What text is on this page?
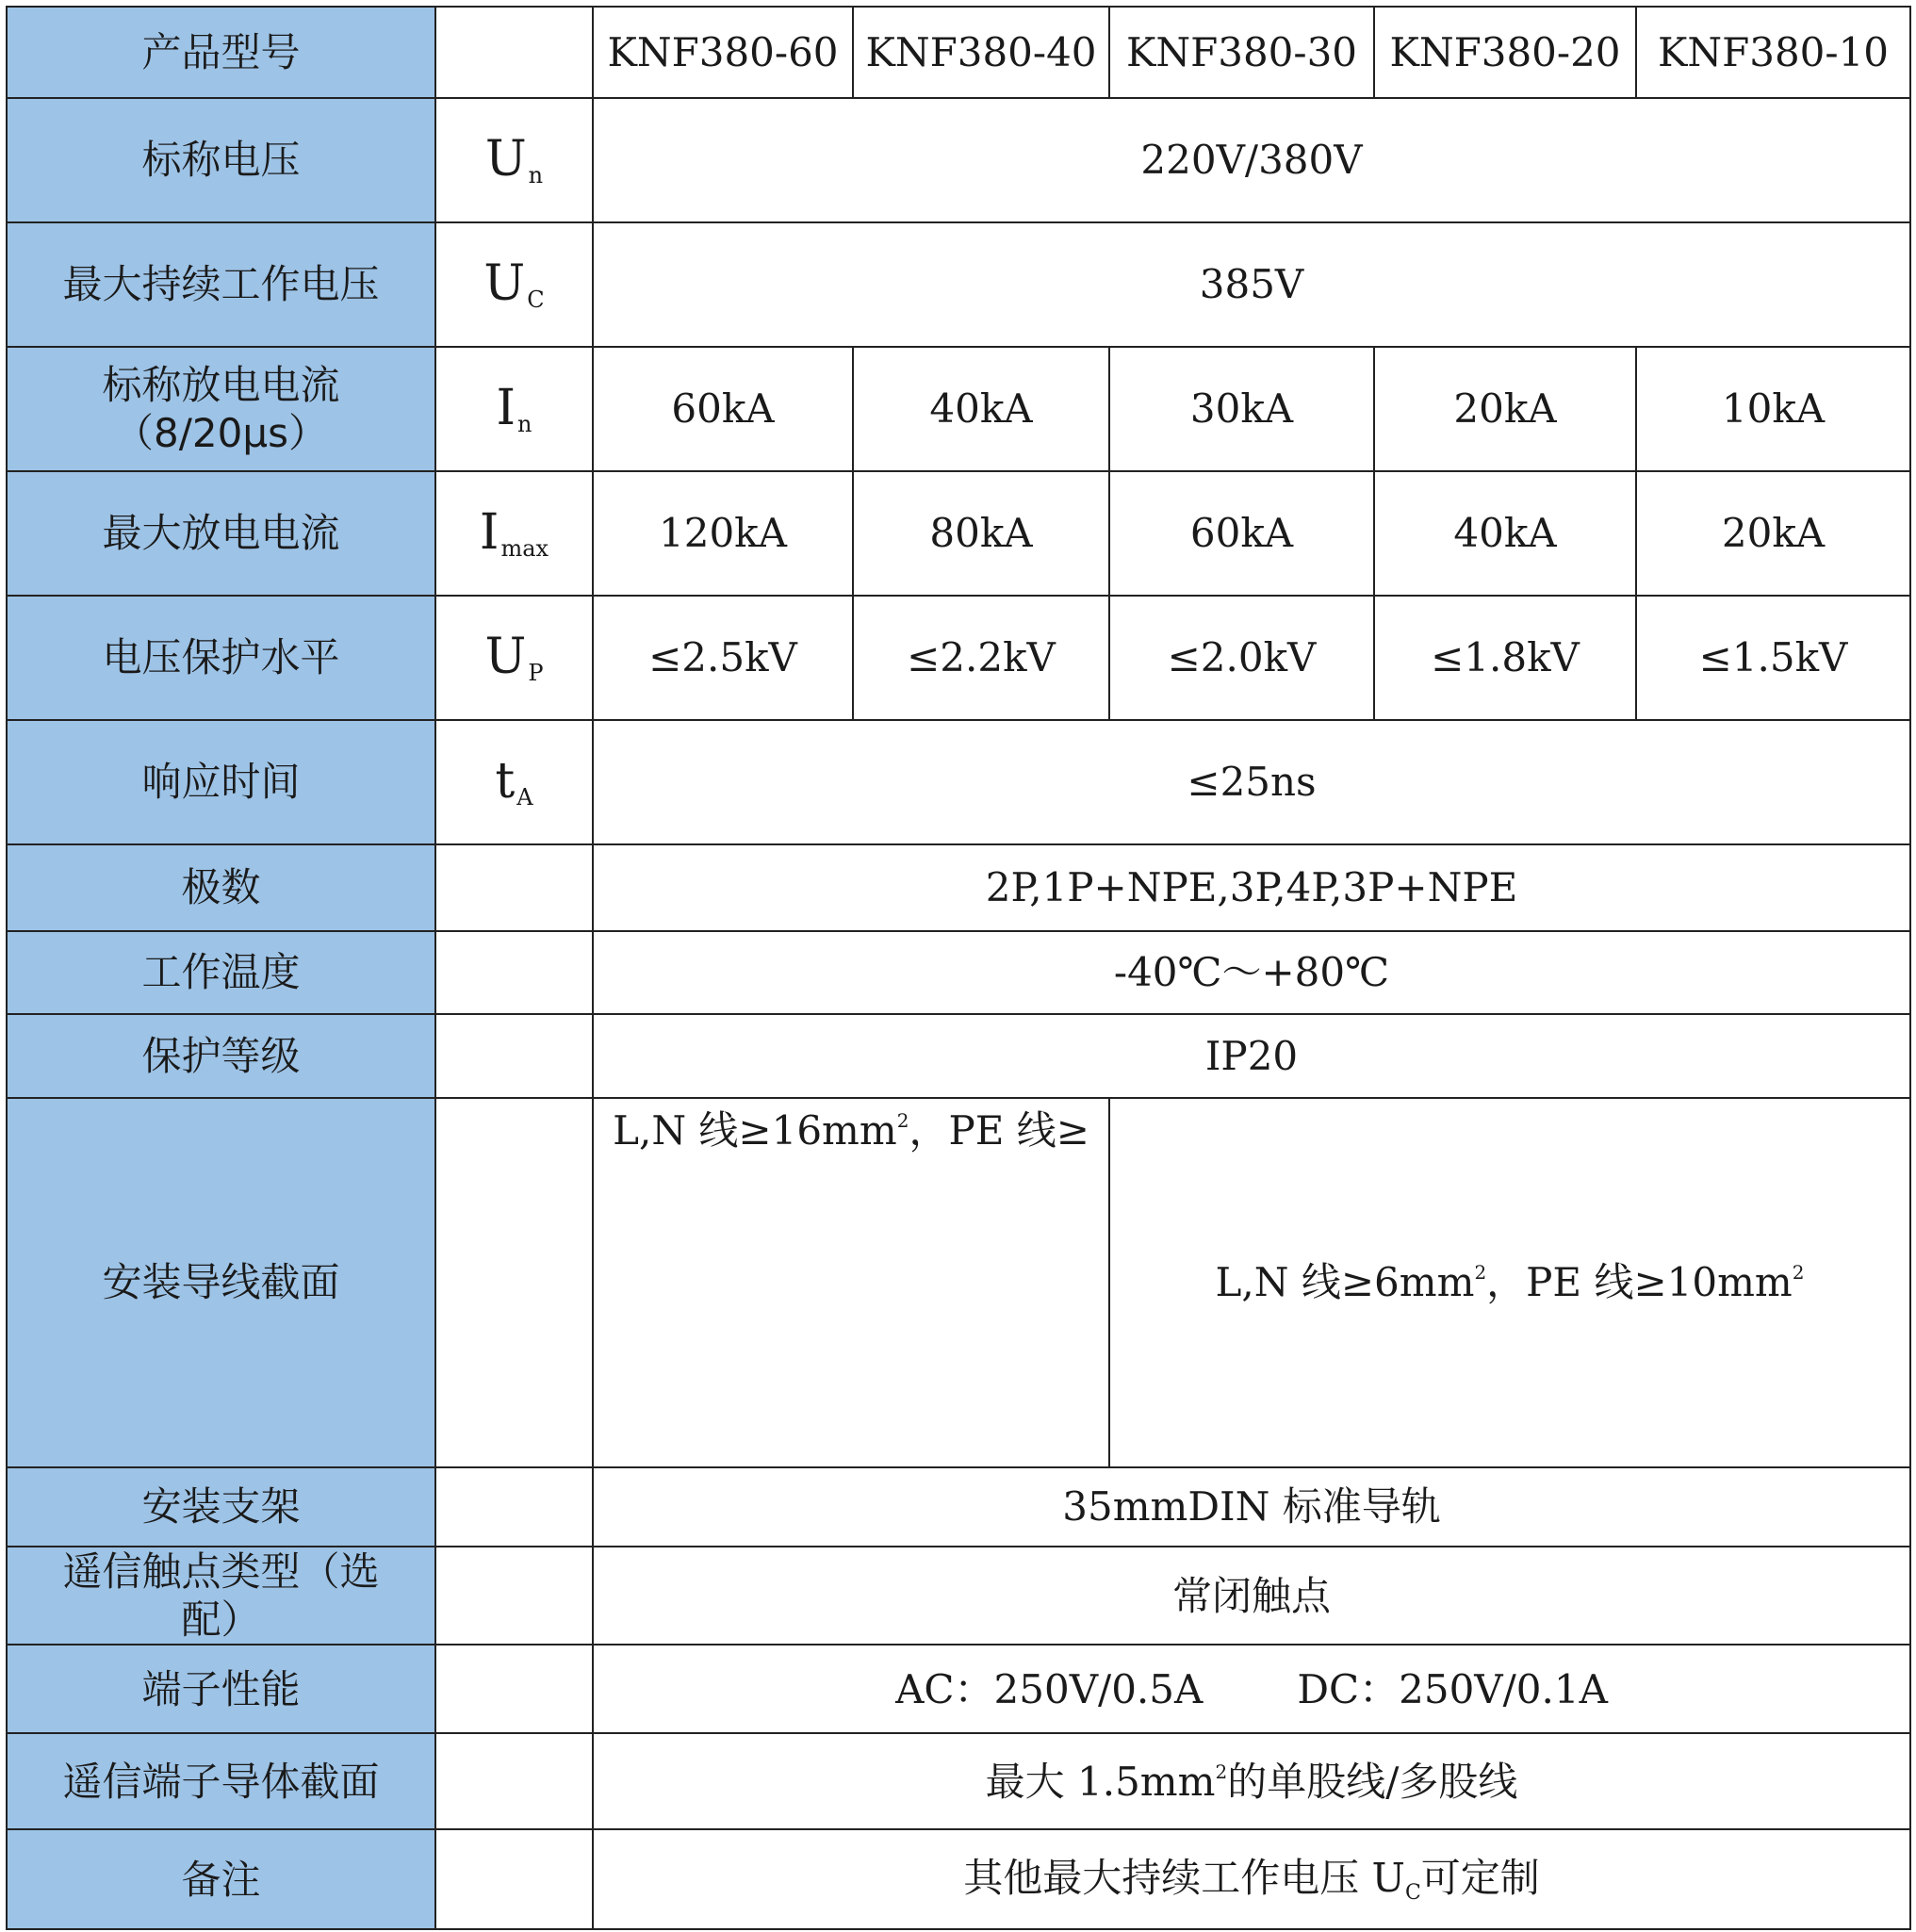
产品型号		KNF380-60	KNF380-40	KNF380-30	KNF380-20	KNF380-10
标称电压	$U_n$	220V/380V				
最大持续工作电压	$U_C$	385V				

标称放电电流
（8/20μs）	$I_n$	60kA	40kA	30kA	20kA	10kA
最大放电电流	$I_{max}$	120kA	80kA	60kA	40kA	20kA
电压保护水平	$U_P$	≤2.5kV	≤2.2kV	≤2.0kV	≤1.8kV	≤1.5kV
响应时间	$t_A$	≤25ns				
极数		2P,1P+NPE,3P,4P,3P+NPE				
工作温度		-40℃～+80℃				
保护等级		IP20				
安装导线截面		L,N 线$\ge 16mm^2$，PE 线≥		L,N 线$\ge 6mm^2$，PE 线$\ge 10mm^2$
安装支架		35mmDIN 标准导轨				

遥信触点类型（选
配）		常闭触点				
端子性能		AC：250V/0.5A DC：250V/0.1A				
遥信端子导体截面		最大 $1.5mm^2$的单股线/多股线				
备注		其他最大持续工作电压 $U_C$可定制				
